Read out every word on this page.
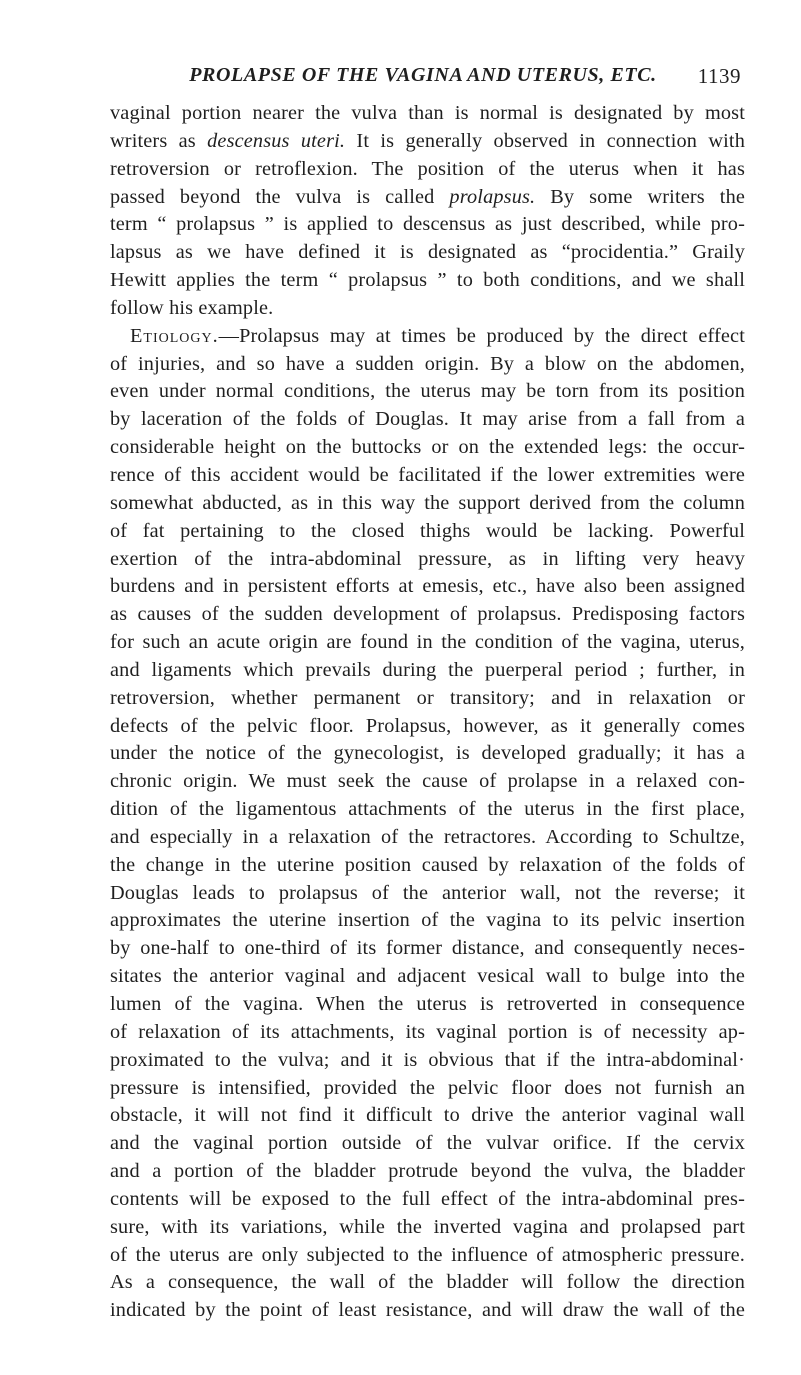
PROLAPSE OF THE VAGINA AND UTERUS, ETC.	1139
vaginal portion nearer the vulva than is normal is designated by most
writers as descensus uteri. It is generally observed in connection with
retroversion or retroflexion. The position of the uterus when it has
passed beyond the vulva is called prolapsus. By some writers the
term “ prolapsus ” is applied to descensus as just described, while pro-
lapsus as we have defined it is designated as “procidentia.” Graily
Hewitt applies the term “ prolapsus ” to both conditions, and we shall
follow his example.
Etiology.—Prolapsus may at times be produced by the direct effect
of injuries, and so have a sudden origin. By a blow on the abdomen,
even under normal conditions, the uterus may be torn from its position
by laceration of the folds of Douglas. It may arise from a fall from a
considerable height on the buttocks or on the extended legs: the occur-
rence of this accident would be facilitated if the lower extremities were
somewhat abducted, as in this way the support derived from the column
of fat pertaining to the closed thighs would be lacking. Powerful
exertion of the intra-abdominal pressure, as in lifting very heavy
burdens and in persistent efforts at emesis, etc., have also been assigned
as causes of the sudden development of prolapsus. Predisposing factors
for such an acute origin are found in the condition of the vagina, uterus,
and ligaments which prevails during the puerperal period ; further, in
retroversion, whether permanent or transitory; and in relaxation or
defects of the pelvic floor. Prolapsus, however, as it generally comes
under the notice of the gynecologist, is developed gradually; it has a
chronic origin. We must seek the cause of prolapse in a relaxed con-
dition of the ligamentous attachments of the uterus in the first place,
and especially in a relaxation of the retractores. According to Schultze,
the change in the uterine position caused by relaxation of the folds of
Douglas leads to prolapsus of the anterior wall, not the reverse; it
approximates the uterine insertion of the vagina to its pelvic insertion
by one-half to one-third of its former distance, and consequently neces-
sitates the anterior vaginal and adjacent vesical wall to bulge into the
lumen of the vagina. When the uterus is retroverted in consequence
of relaxation of its attachments, its vaginal portion is of necessity ap-
proximated to the vulva; and it is obvious that if the intra-abdominal·
pressure is intensified, provided the pelvic floor does not furnish an
obstacle, it will not find it difficult to drive the anterior vaginal wall
and the vaginal portion outside of the vulvar orifice. If the cervix
and a portion of the bladder protrude beyond the vulva, the bladder
contents will be exposed to the full effect of the intra-abdominal pres-
sure, with its variations, while the inverted vagina and prolapsed part
of the uterus are only subjected to the influence of atmospheric pressure.
As a consequence, the wall of the bladder will follow the direction
indicated by the point of least resistance, and will draw the wall of the
